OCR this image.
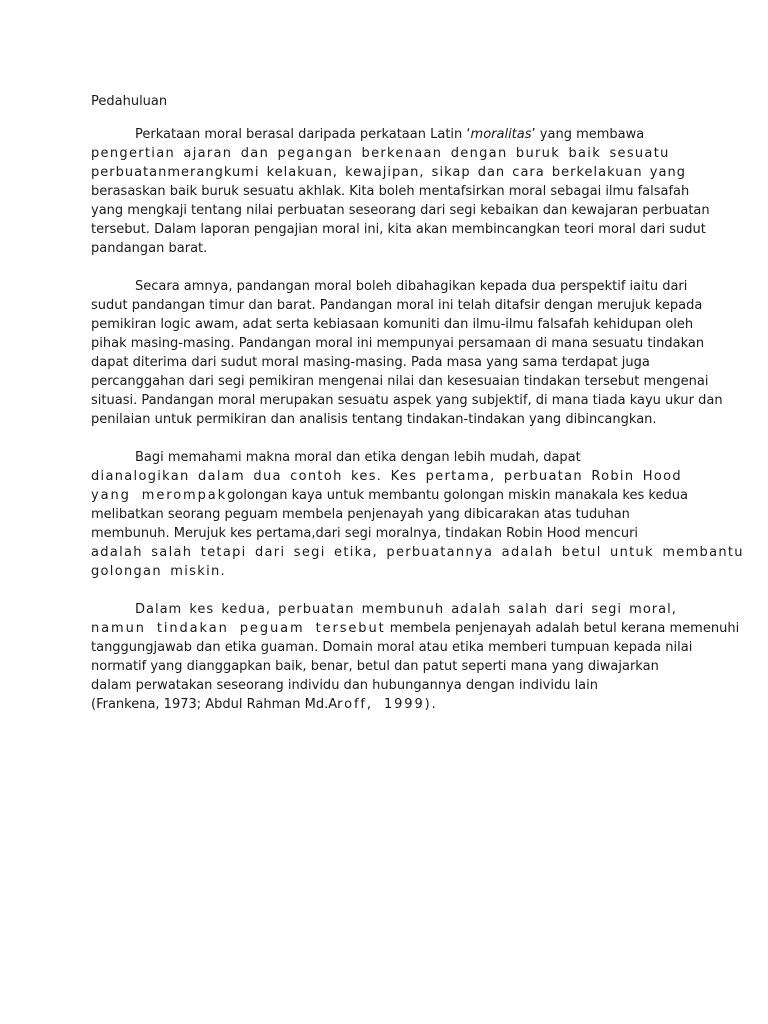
Pedahuluan
Perkataan moral berasal daripada perkataan Latin ‘moralitas’ yang membawa
pengertian ajaran dan pegangan berkenaan dengan buruk baik sesuatu
perbuatanmerangkumi kelakuan, kewajipan, sikap dan cara berkelakuan yang
berasaskan baik buruk sesuatu akhlak. Kita boleh mentafsirkan moral sebagai ilmu falsafah
yang mengkaji tentang nilai perbuatan seseorang dari segi kebaikan dan kewajaran perbuatan
tersebut. Dalam laporan pengajian moral ini, kita akan membincangkan teori moral dari sudut
pandangan barat.
Secara amnya, pandangan moral boleh dibahagikan kepada dua perspektif iaitu dari
sudut pandangan timur dan barat. Pandangan moral ini telah ditafsir dengan merujuk kepada
pemikiran logic awam, adat serta kebiasaan komuniti dan ilmu-ilmu falsafah kehidupan oleh
pihak masing-masing. Pandangan moral ini mempunyai persamaan di mana sesuatu tindakan
dapat diterima dari sudut moral masing-masing. Pada masa yang sama terdapat juga
percanggahan dari segi pemikiran mengenai nilai dan kesesuaian tindakan tersebut mengenai
situasi. Pandangan moral merupakan sesuatu aspek yang subjektif, di mana tiada kayu ukur dan
penilaian untuk permikiran dan analisis tentang tindakan-tindakan yang dibincangkan.
Bagi memahami makna moral dan etika dengan lebih mudah, dapat
dianalogikan dalam dua contoh kes. Kes pertama, perbuatan Robin Hood
yang merompakgolongan kaya untuk membantu golongan miskin manakala kes kedua
melibatkan seorang peguam membela penjenayah yang dibicarakan atas tuduhan
membunuh. Merujuk kes pertama,dari segi moralnya, tindakan Robin Hood mencuri
adalah salah tetapi dari segi etika, perbuatannya adalah betul untuk membantu
golongan miskin.
Dalam kes kedua, perbuatan membunuh adalah salah dari segi moral,
namun tindakan peguam tersebut membela penjenayah adalah betul kerana memenuhi
tanggungjawab dan etika guaman. Domain moral atau etika memberi tumpuan kepada nilai
normatif yang dianggapkan baik, benar, betul dan patut seperti mana yang diwajarkan
dalam perwatakan seseorang individu dan hubungannya dengan individu lain
(Frankena, 1973; Abdul Rahman Md.Aroff, 1999).
